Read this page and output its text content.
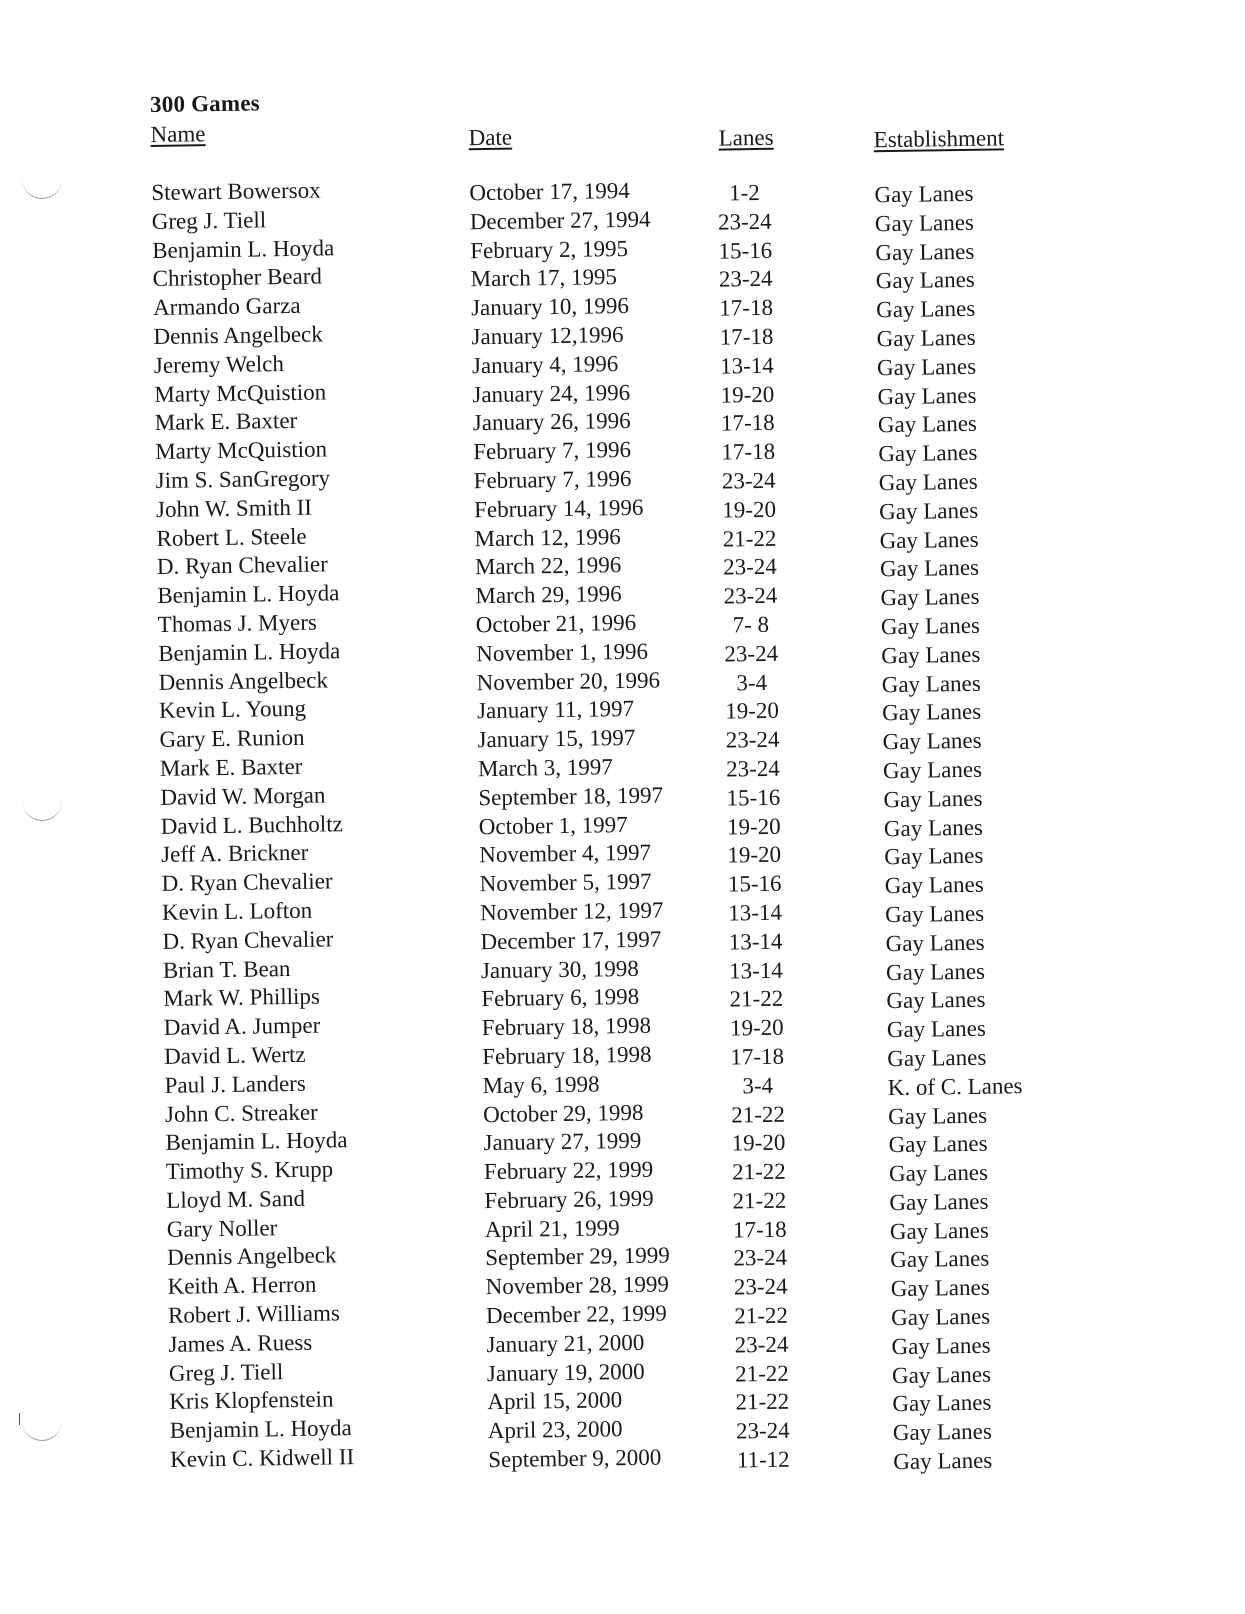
300 Games
Name	Date	Lanes	Establishment
Stewart Bowersox	October 17, 1994	1-2	Gay Lanes
Greg J. Tiell	December 27, 1994	23-24	Gay Lanes
Benjamin L. Hoyda	February 2, 1995	15-16	Gay Lanes
Christopher Beard	March 17, 1995	23-24	Gay Lanes
Armando Garza	January 10, 1996	17-18	Gay Lanes
Dennis Angelbeck	January 12,1996	17-18	Gay Lanes
Jeremy Welch	January 4, 1996	13-14	Gay Lanes
Marty McQuistion	January 24, 1996	19-20	Gay Lanes
Mark E. Baxter	January 26, 1996	17-18	Gay Lanes
Marty McQuistion	February 7, 1996	17-18	Gay Lanes
Jim S. SanGregory	February 7, 1996	23-24	Gay Lanes
John W. Smith II	February 14, 1996	19-20	Gay Lanes
Robert L. Steele	March 12, 1996	21-22	Gay Lanes
D. Ryan Chevalier	March 22, 1996	23-24	Gay Lanes
Benjamin L. Hoyda	March 29, 1996	23-24	Gay Lanes
Thomas J. Myers	October 21, 1996	7- 8	Gay Lanes
Benjamin L. Hoyda	November 1, 1996	23-24	Gay Lanes
Dennis Angelbeck	November 20, 1996	3-4	Gay Lanes
Kevin L. Young	January 11, 1997	19-20	Gay Lanes
Gary E. Runion	January 15, 1997	23-24	Gay Lanes
Mark E. Baxter	March 3, 1997	23-24	Gay Lanes
David W. Morgan	September 18, 1997	15-16	Gay Lanes
David L. Buchholtz	October 1, 1997	19-20	Gay Lanes
Jeff A. Brickner	November 4, 1997	19-20	Gay Lanes
D. Ryan Chevalier	November 5, 1997	15-16	Gay Lanes
Kevin L. Lofton	November 12, 1997	13-14	Gay Lanes
D. Ryan Chevalier	December 17, 1997	13-14	Gay Lanes
Brian T. Bean	January 30, 1998	13-14	Gay Lanes
Mark W. Phillips	February 6, 1998	21-22	Gay Lanes
David A. Jumper	February 18, 1998	19-20	Gay Lanes
David L. Wertz	February 18, 1998	17-18	Gay Lanes
Paul J. Landers	May 6, 1998	3-4	K. of C. Lanes
John C. Streaker	October 29, 1998	21-22	Gay Lanes
Benjamin L. Hoyda	January 27, 1999	19-20	Gay Lanes
Timothy S. Krupp	February 22, 1999	21-22	Gay Lanes
Lloyd M. Sand	February 26, 1999	21-22	Gay Lanes
Gary Noller	April 21, 1999	17-18	Gay Lanes
Dennis Angelbeck	September 29, 1999	23-24	Gay Lanes
Keith A. Herron	November 28, 1999	23-24	Gay Lanes
Robert J. Williams	December 22, 1999	21-22	Gay Lanes
James A. Ruess	January 21, 2000	23-24	Gay Lanes
Greg J. Tiell	January 19, 2000	21-22	Gay Lanes
Kris Klopfenstein	April 15, 2000	21-22	Gay Lanes
Benjamin L. Hoyda	April 23, 2000	23-24	Gay Lanes
Kevin C. Kidwell II	September 9, 2000	11-12	Gay Lanes
